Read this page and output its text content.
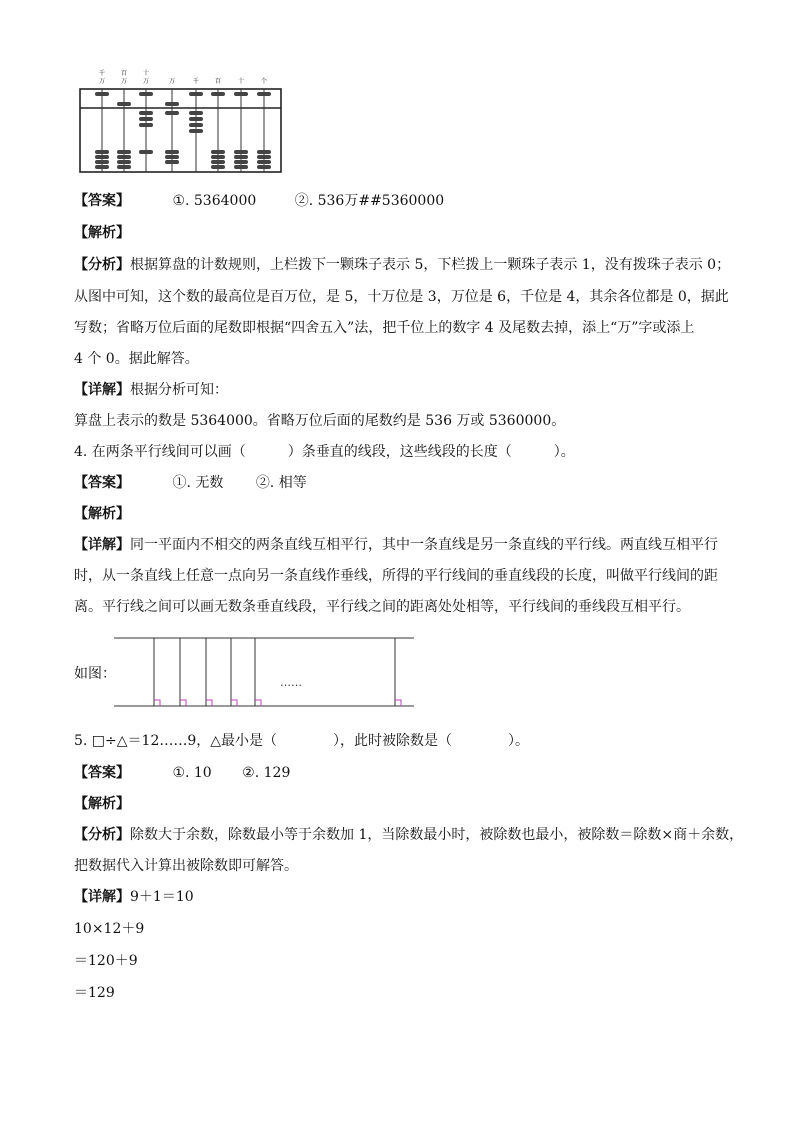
千
万
百
万
十
万	万	千	百	十	个
【答案】	①. 5364000	②. 536万##5360000
【解析】
【分析】根据算盘的计数规则，上栏拨下一颗珠子表示 5，下栏拨上一颗珠子表示 1，没有拨珠子表示 0；
从图中可知，这个数的最高位是百万位，是 5，十万位是 3，万位是 6，千位是 4，其余各位都是 0，据此
写数；省略万位后面的尾数即根据“四舍五入”法，把千位上的数字 4 及尾数去掉，添上“万”字或添上
4 个 0。据此解答。
【详解】根据分析可知：
算盘上表示的数是 5364000。省略万位后面的尾数约是 536 万或 5360000。
4. 在两条平行线间可以画（　　　）条垂直的线段，这些线段的长度（　　　）。
【答案】	①. 无数 ②. 相等
【解析】
【详解】同一平面内不相交的两条直线互相平行，其中一条直线是另一条直线的平行线。两直线互相平行
时，从一条直线上任意一点向另一条直线作垂线，所得的平行线间的垂直线段的长度，叫做平行线间的距
离。平行线之间可以画无数条垂直线段，平行线之间的距离处处相等，平行线间的垂线段互相平行。
如图：
……
5. □÷△＝12……9，△最小是（　　　　），此时被除数是（　　　　）。
【答案】	①. 10 ②. 129
【解析】
【分析】除数大于余数，除数最小等于余数加 1，当除数最小时，被除数也最小，被除数＝除数×商＋余数，
把数据代入计算出被除数即可解答。
【详解】9＋1＝10
10×12＋9
＝120＋9
＝129
